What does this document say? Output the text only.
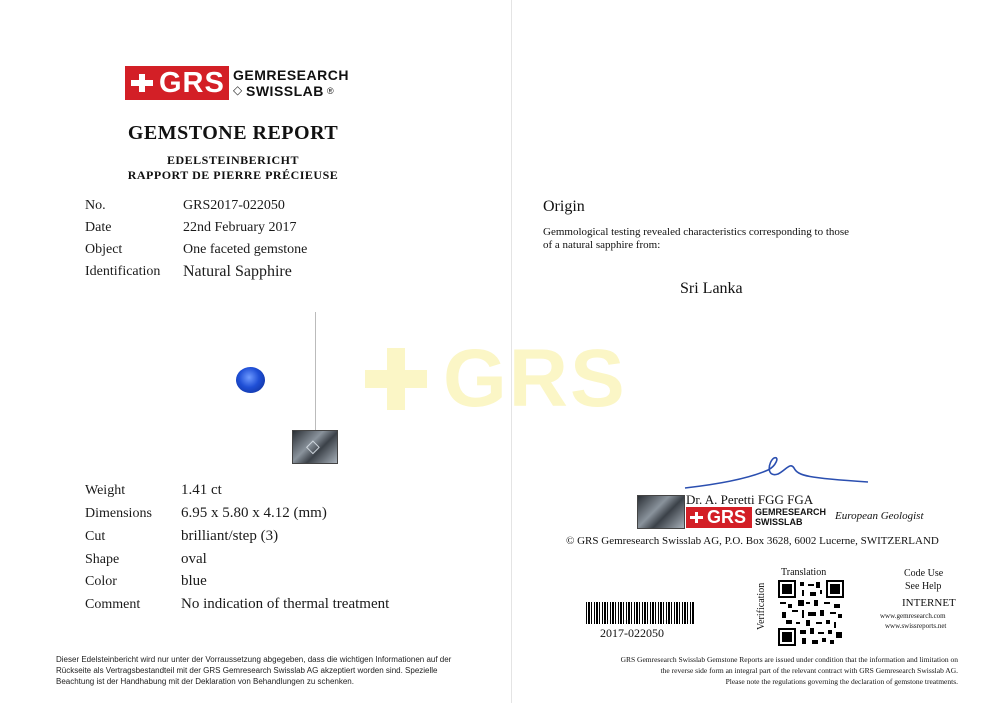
GRS GEMRESEARCH
◇ SWISSLAB ®
GEMSTONE REPORT
EDELSTEINBERICHT
RAPPORT DE PIERRE PRÉCIEUSE
No.	GRS2017-022050
Date	22nd February 2017
Object	One faceted gemstone
Identification Natural Sapphire
◇
Weight	1.41 ct
Dimensions 6.95 x 5.80 x 4.12 (mm)
Cut	brilliant/step (3)
Shape	oval
Color	blue
Comment	No indication of thermal treatment
Dieser Edelsteinbericht wird nur unter der Vorraussetzung abgegeben, dass die wichtigen Informationen auf der Rückseite als Vertragsbestandteil mit der GRS Gemresearch Swisslab AG akzeptiert worden sind. Spezielle Beachtung ist der Handhabung mit der Deklaration von Behandlungen zu schenken.
GRS
Origin
Gemmological testing revealed characteristics corresponding to those
of a natural sapphire from:
Sri Lanka
Dr. A. Peretti FGG FGA
GRS GEMRESEARCH
SWISSLAB	European Geologist
© GRS Gemresearch Swisslab AG, P.O. Box 3628, 6002 Lucerne, SWITZERLAND
2017-022050
Translation
Verification
Code Use
See Help
INTERNET
www.gemresearch.com
www.swissreports.net
GRS Gemresearch Swisslab Gemstone Reports are issued under condition that the information and limitation on
the reverse side form an integral part of the relevant contract with GRS Gemresearch Swisslab AG.
Please note the regulations governing the declaration of gemstone treatments.
